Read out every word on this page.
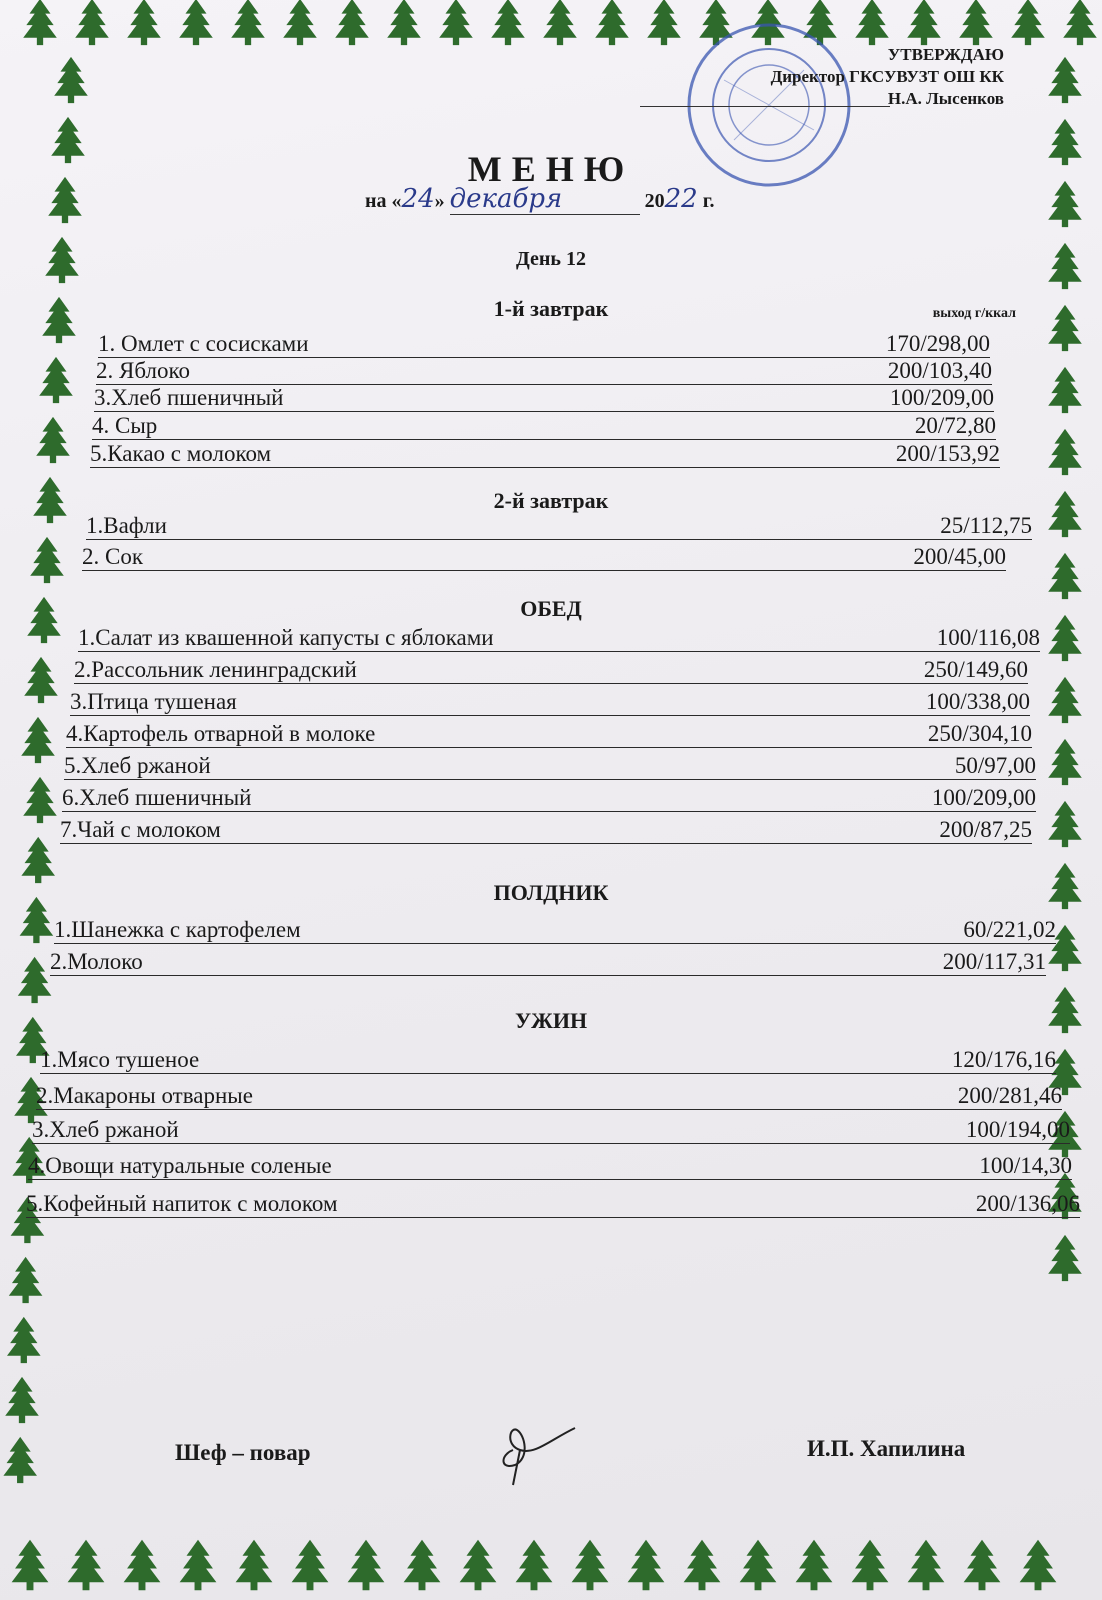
УТВЕРЖДАЮ
Директор ГКСУВУЗТ ОШ КК
Н.А. Лысенков
МЕНЮ
на «24» декабря	2022 г.
День 12
выход г/ккал
1-й завтрак
1. Омлет с сосисками	170/298,00
2. Яблоко	200/103,40
3.Хлеб пшеничный	100/209,00
4. Сыр	20/72,80
5.Какао с молоком	200/153,92
2-й завтрак
1.Вафли	25/112,75
2. Сок	200/45,00
ОБЕД
1.Салат из квашенной капусты с яблоками	100/116,08
2.Рассольник ленинградский	250/149,60
3.Птица тушеная	100/338,00
4.Картофель отварной в молоке	250/304,10
5.Хлеб ржаной	50/97,00
6.Хлеб пшеничный	100/209,00
7.Чай с молоком	200/87,25
ПОЛДНИК
1.Шанежка с картофелем	60/221,02
2.Молоко	200/117,31
УЖИН
1.Мясо тушеное	120/176,16
2.Макароны отварные	200/281,46
3.Хлеб ржаной	100/194,00
4.Овощи натуральные соленые	100/14,30
5.Кофейный напиток с молоком	200/136,06
Шеф – повар	И.П. Хапилина
